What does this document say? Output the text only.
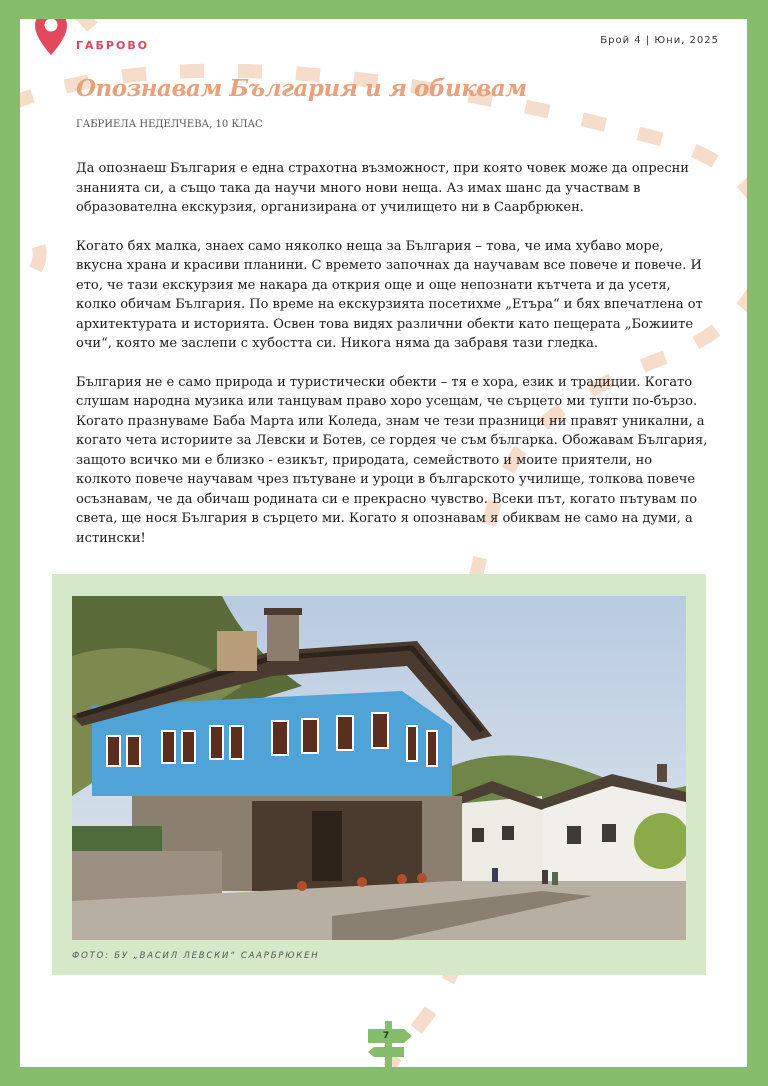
ГАБРОВО	Брой 4 | Юни, 2025
Опознавам България и я обиквам
ГАБРИЕЛА НЕДЕЛЧЕВА, 10 КЛАС

Да опознаеш България е една страхотна възможност, при която човек може да опресни знанията си, а също така да научи много нови неща. Аз имах шанс да участвам в образователна екскурзия, организирана от училището ни в Саарбрюкен.

Когато бях малка, знаех само няколко неща за България – това, че има хубаво море, вкусна храна и красиви планини. С времето започнах да научавам все повече и повече. И ето, че тази екскурзия ме накара да открия още и още непознати кътчета и да усетя, колко обичам България. По време на екскурзията посетихме „Етъра“ и бях впечатлена от архитектурата и историята. Освен това видях различни обекти като пещерата „Божиите очи“, която ме заслепи с хубостта си. Никога няма да забравя тази гледка.

България не е само природа и туристически обекти – тя е хора, език и традиции. Когато слушам народна музика или танцувам право хоро усещам, че сърцето ми тупти по-бързо. Когато празнуваме Баба Марта или Коледа, знам че тези празници ни правят уникални, а когато чета историите за Левски и Ботев, се гордея че съм българка. Обожавам България, защото всичко ми е близко - езикът, природата, семейството и моите приятели, но колкото повече научавам чрез пътуване и уроци в българското училище, толкова повече осъзнавам, че да обичаш родината си е прекрасно чувство. Всеки път, когато пътувам по света, ще нося България в сърцето ми. Когато я опознавам я обиквам не само на думи, а истински!

ФОТО: БУ „ВАСИЛ ЛЕВСКИ“ СААРБРЮКЕН
7
